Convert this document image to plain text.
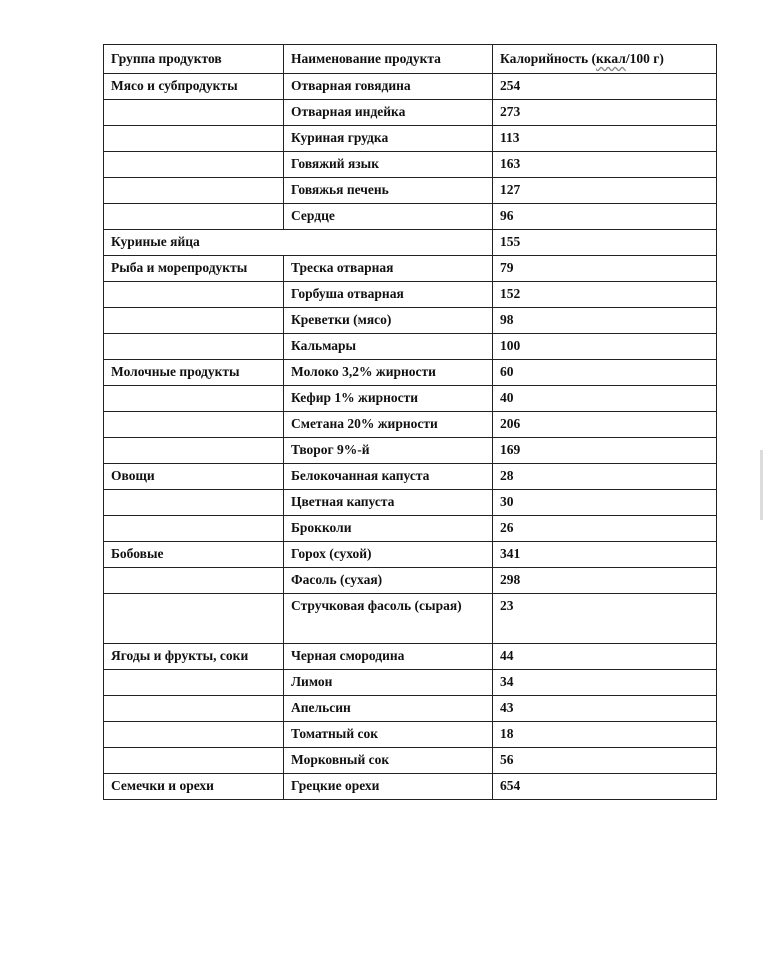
Группа продуктов	Наименование продукта	Калорийность (ккал/100 г)
Мясо и субпродукты	Отварная говядина	254
	Отварная индейка	273
	Куриная грудка	113
	Говяжий язык	163
	Говяжья печень	127
	Сердце	96
Куриные яйца		155
Рыба и морепродукты	Треска отварная	79
	Горбуша отварная	152
	Креветки (мясо)	98
	Кальмары	100
Молочные продукты	Молоко 3,2% жирности	60
	Кефир 1% жирности	40
	Сметана 20% жирности	206
	Творог 9%-й	169
Овощи	Белокочанная капуста	28
	Цветная капуста	30
	Брокколи	26
Бобовые	Горох (сухой)	341
	Фасоль (сухая)	298
	Стручковая фасоль (сырая)	23
Ягоды и фрукты, соки	Черная смородина	44
	Лимон	34
	Апельсин	43
	Томатный сок	18
	Морковный сок	56
Семечки и орехи	Грецкие орехи	654
